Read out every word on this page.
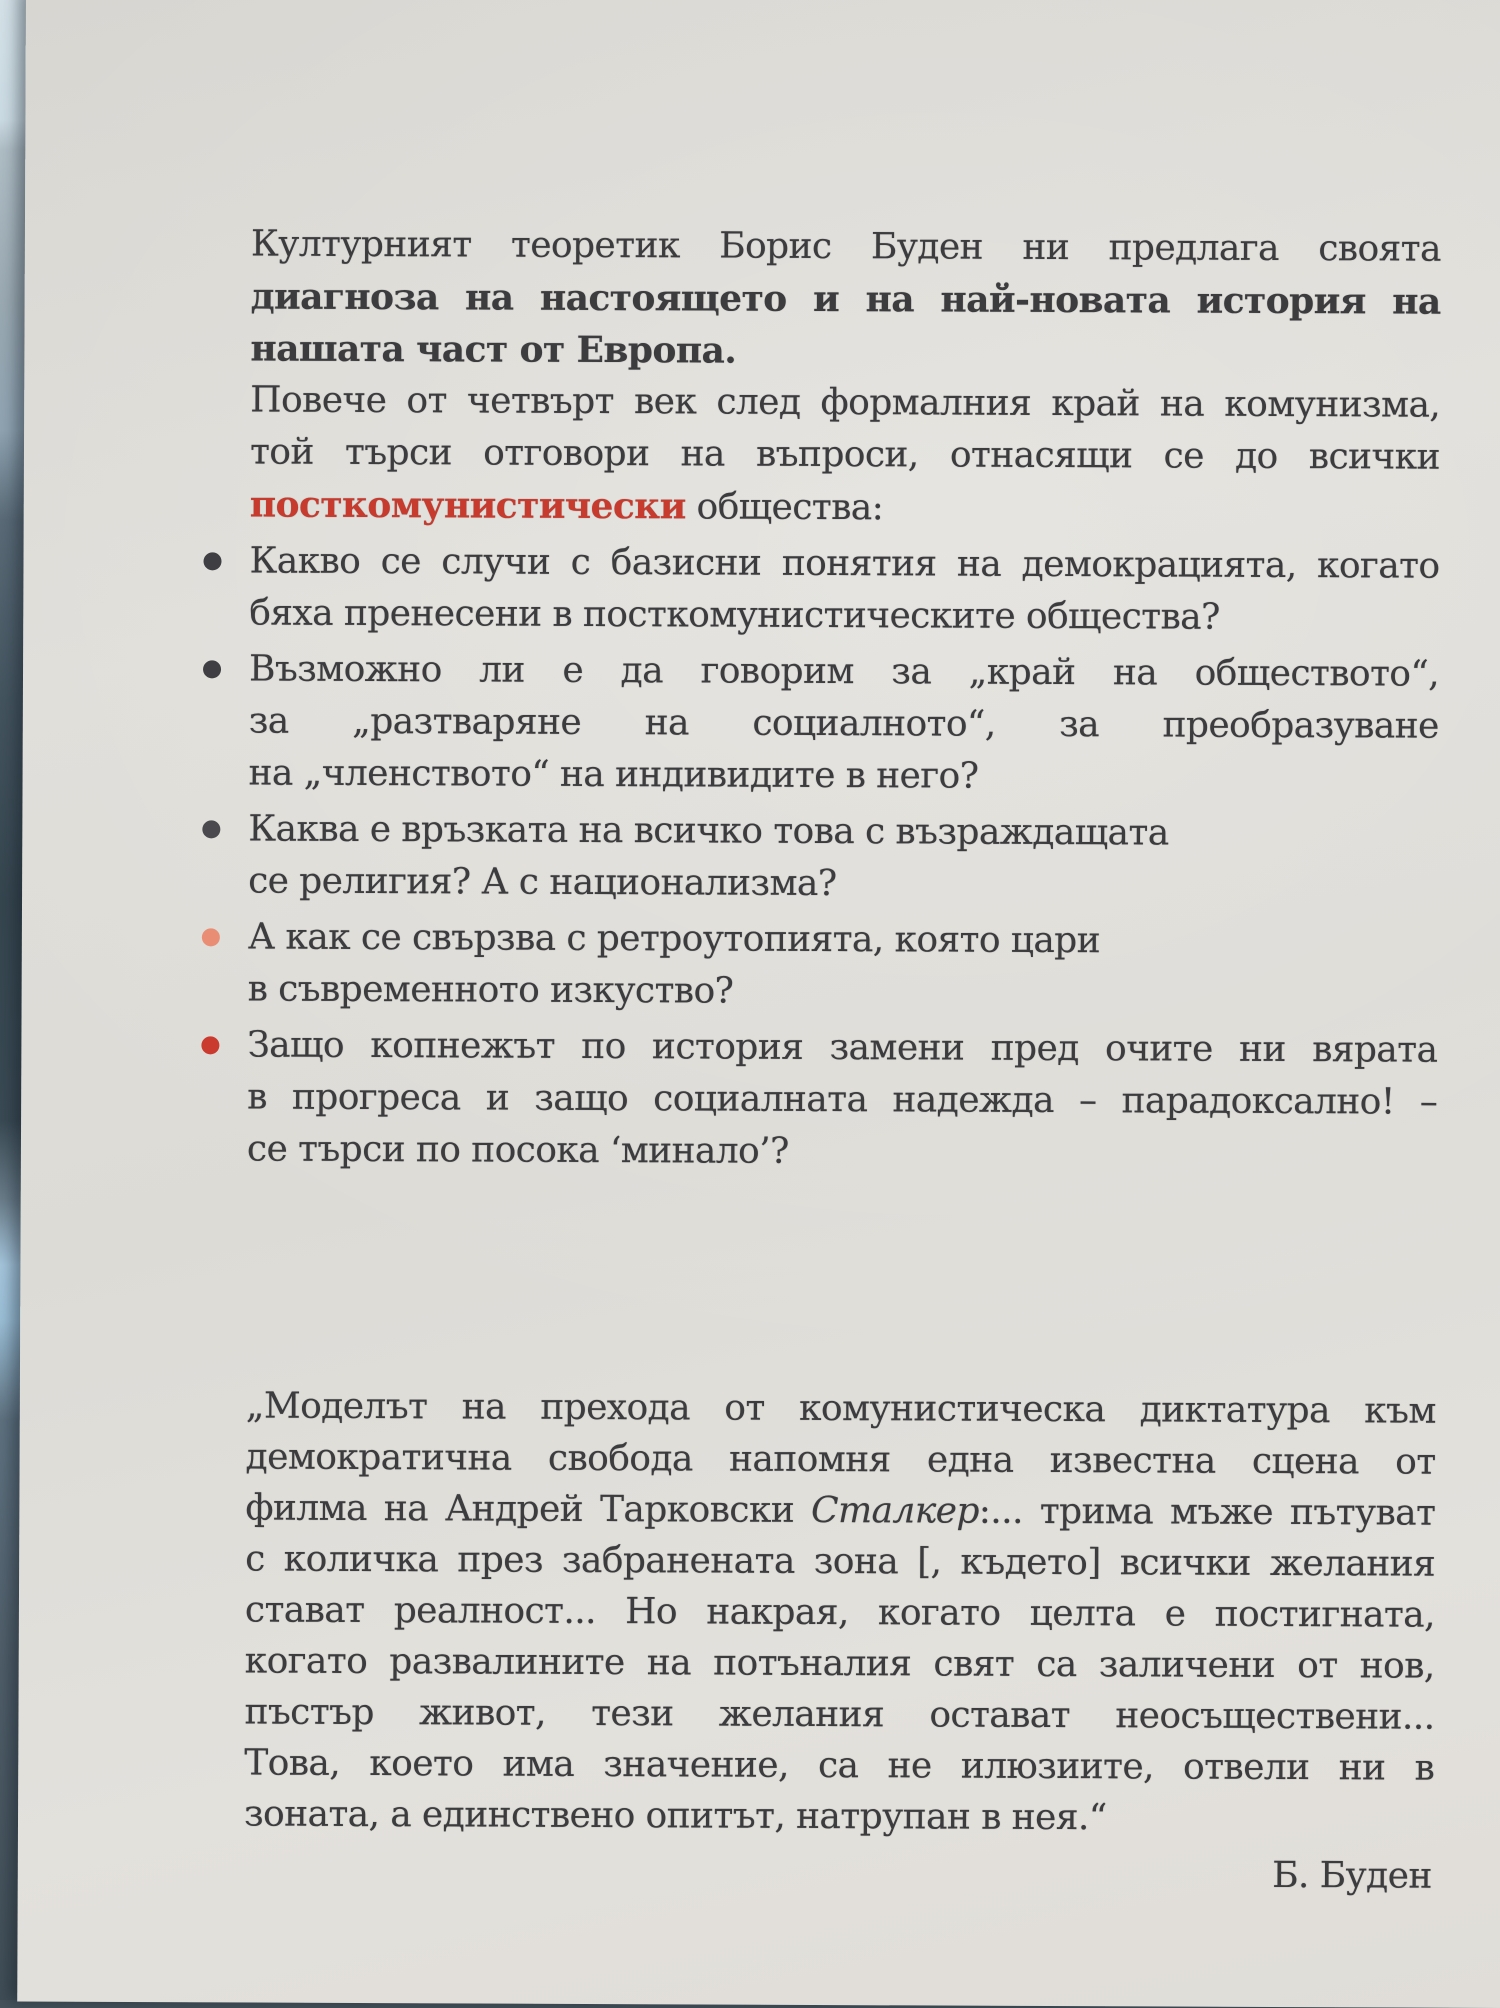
Културният теоретик Борис Буден ни предлага своята
диагноза на настоящето и на най-новата история на
нашата част от Европа.
Повече от четвърт век след формалния край на комунизма,
той търси отговори на въпроси, отнасящи се до всички
посткомунистически общества:
Какво се случи с базисни понятия на демокрацията, когато
бяха пренесени в посткомунистическите общества?
Възможно ли е да говорим за „край на обществото“,
за „разтваряне на социалното“, за преобразуване
на „членството“ на индивидите в него?
Каква е връзката на всичко това с възраждащата
се религия? А с национализма?
А как се свързва с ретроутопията, която цари
в съвременното изкуство?
Защо копнежът по история замени пред очите ни вярата
в прогреса и защо социалната надежда – парадоксално! –
се търси по посока ‘минало’?
„Моделът на прехода от комунистическа диктатура към
демократична свобода напомня една известна сцена от
филма на Андрей Тарковски Сталкер:... трима мъже пътуват
с количка през забранената зона [, където] всички желания
стават реалност... Но накрая, когато целта е постигната,
когато развалините на потъналия свят са заличени от нов,
пъстър живот, тези желания остават неосъществени...
Това, което има значение, са не илюзиите, отвели ни в
зоната, а единствено опитът, натрупан в нея.“
Б. Буден
